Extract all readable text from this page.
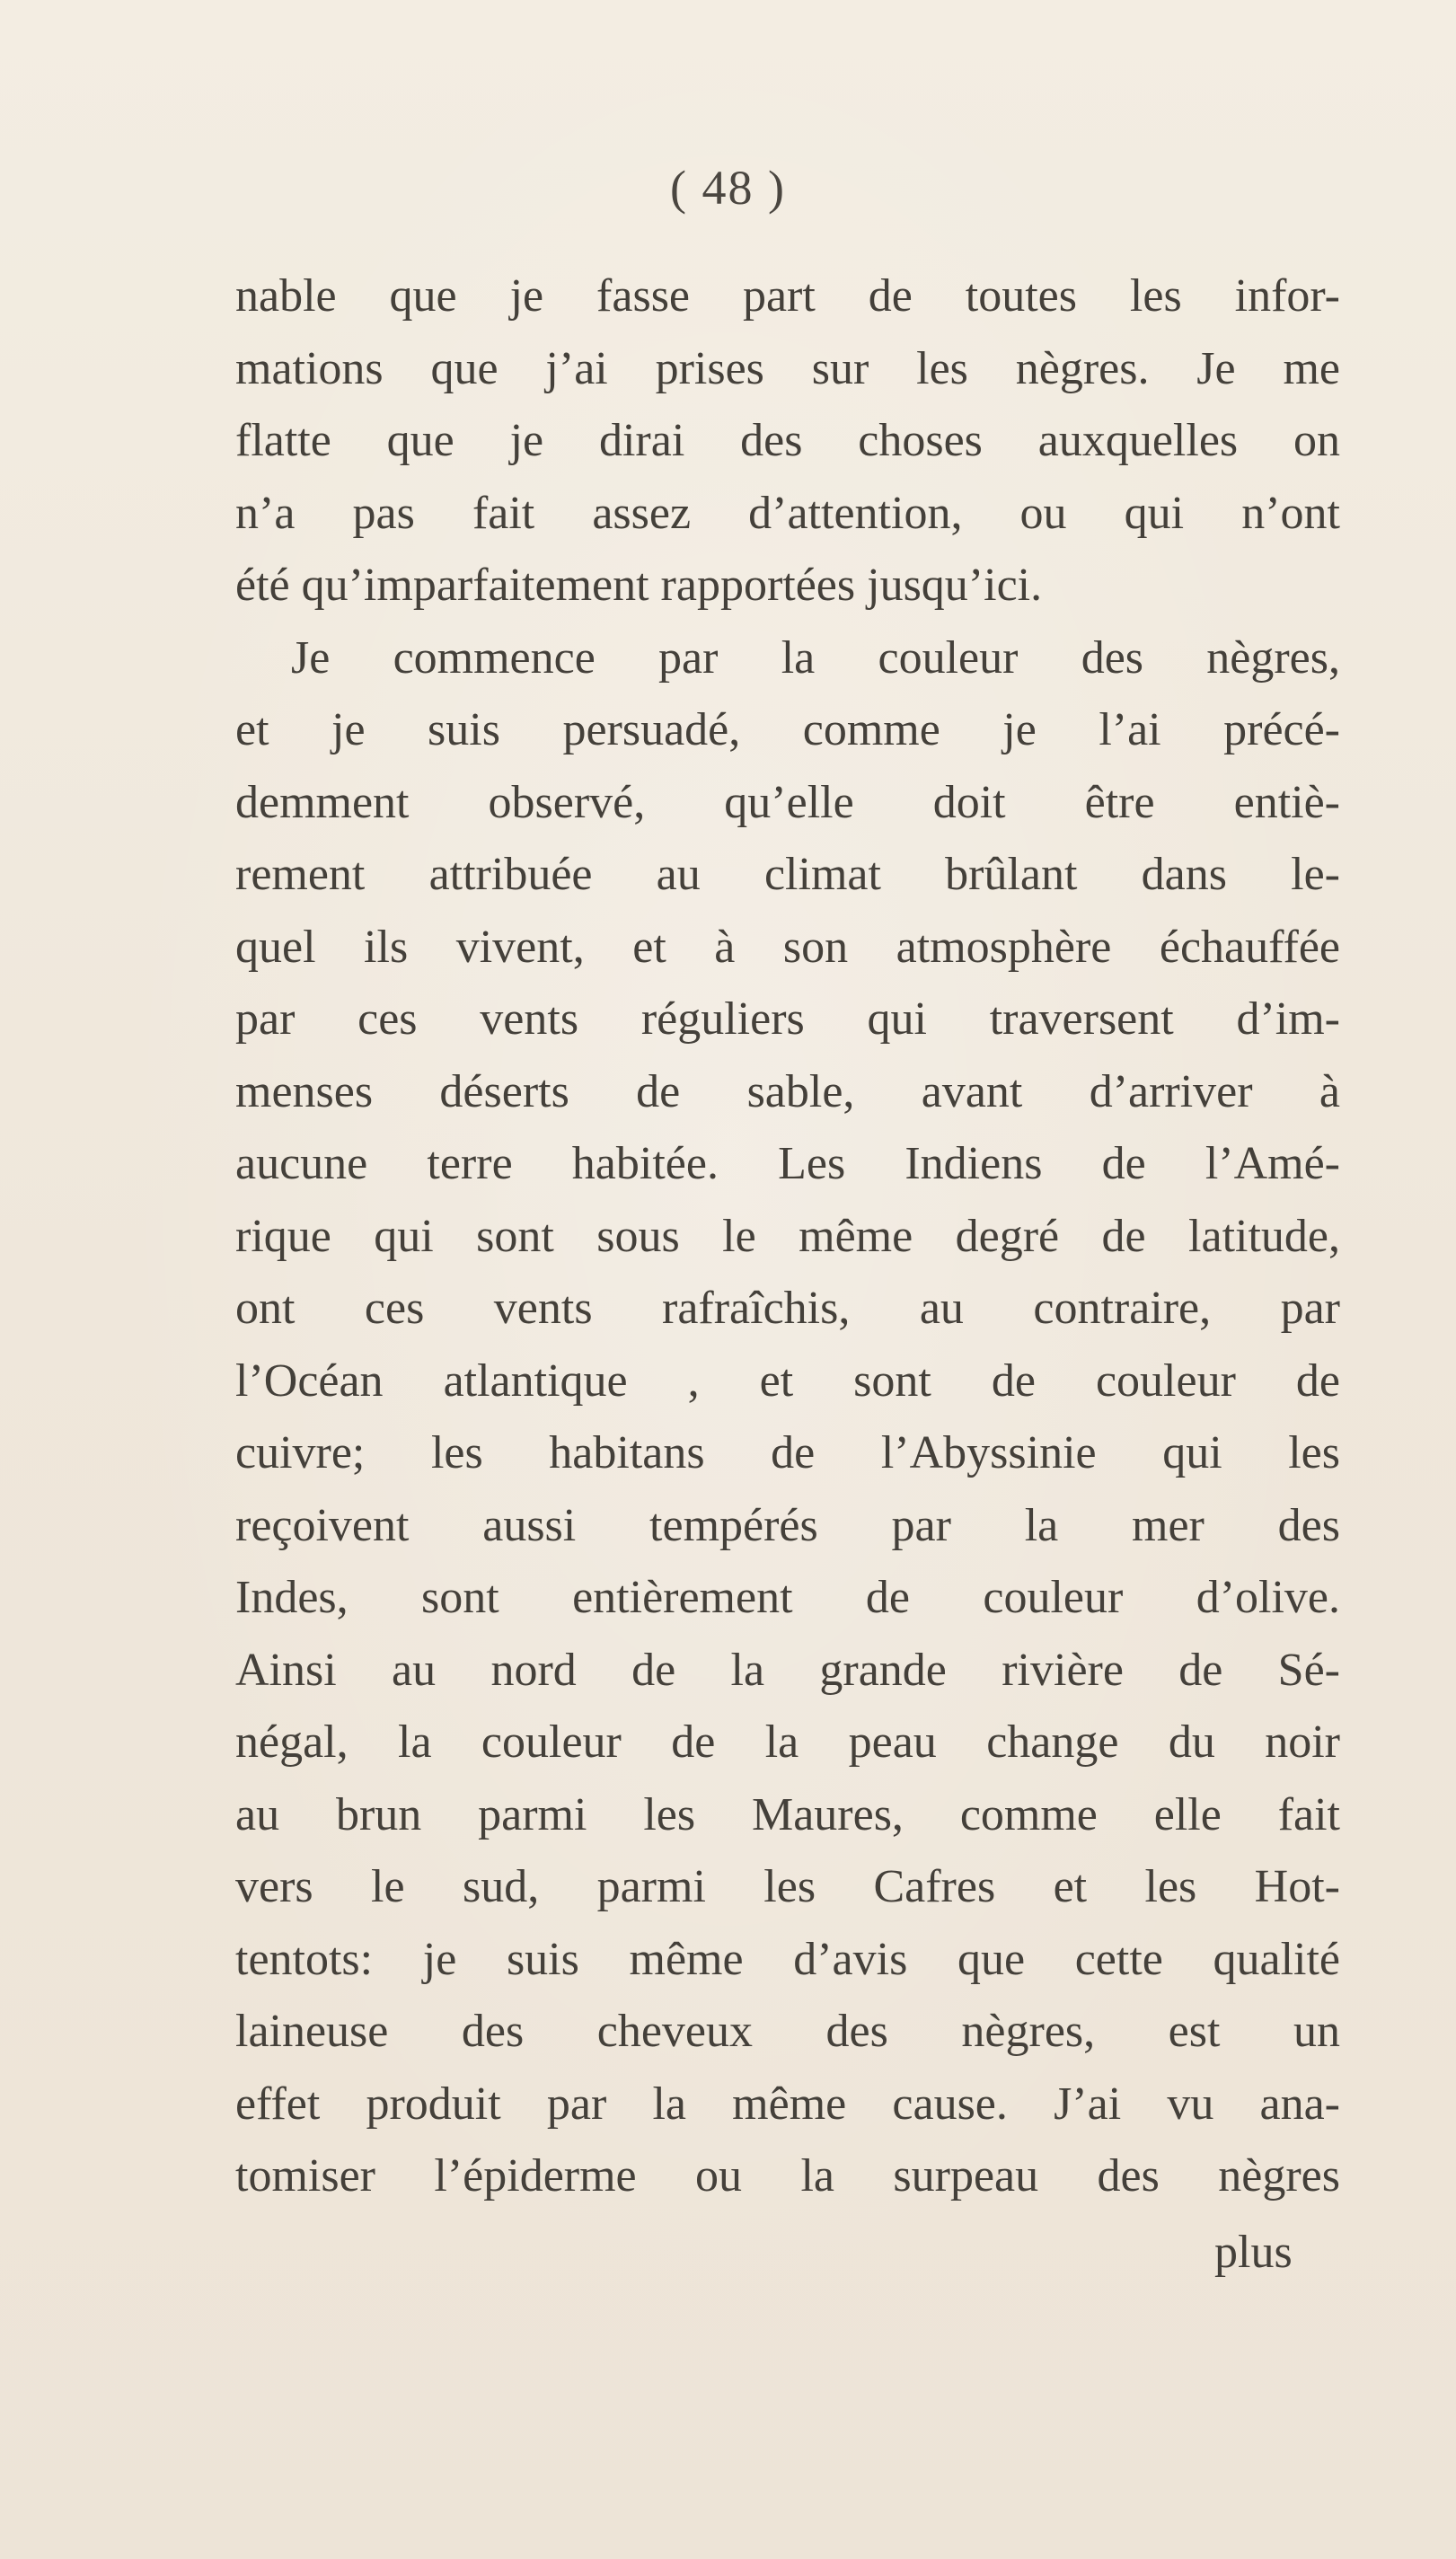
( 48 )
nable que je fasse part de toutes les infor-
mations que j’ai prises sur les nègres. Je me
flatte que je dirai des choses auxquelles on
n’a pas fait assez d’attention, ou qui n’ont
été qu’imparfaitement rapportées jusqu’ici.
Je commence par la couleur des nègres,
et je suis persuadé, comme je l’ai précé-
demment observé, qu’elle doit être entiè-
rement attribuée au climat brûlant dans le-
quel ils vivent, et à son atmosphère échauffée
par ces vents réguliers qui traversent d’im-
menses déserts de sable, avant d’arriver à
aucune terre habitée. Les Indiens de l’Amé-
rique qui sont sous le même degré de latitude,
ont ces vents rafraîchis, au contraire, par
l’Océan atlantique , et sont de couleur de
cuivre; les habitans de l’Abyssinie qui les
reçoivent aussi tempérés par la mer des
Indes, sont entièrement de couleur d’olive.
Ainsi au nord de la grande rivière de Sé-
négal, la couleur de la peau change du noir
au brun parmi les Maures, comme elle fait
vers le sud, parmi les Cafres et les Hot-
tentots: je suis même d’avis que cette qualité
laineuse des cheveux des nègres, est un
effet produit par la même cause. J’ai vu ana-
tomiser l’épiderme ou la surpeau des nègres
plus
